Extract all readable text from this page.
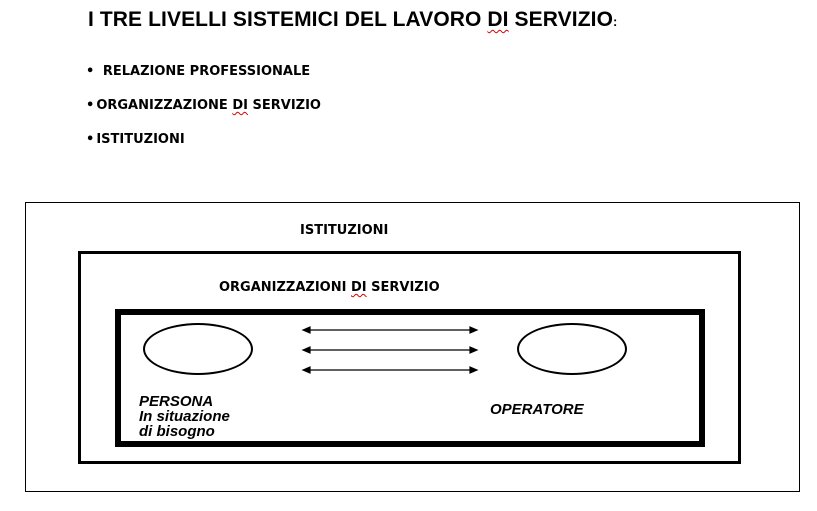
I TRE LIVELLI SISTEMICI DEL LAVORO DI SERVIZIO:
• RELAZIONE PROFESSIONALE
• ORGANIZZAZIONE DI SERVIZIO
• ISTITUZIONI
ISTITUZIONI
ORGANIZZAZIONI DI SERVIZIO
PERSONA
In situazione
di bisogno
OPERATORE
